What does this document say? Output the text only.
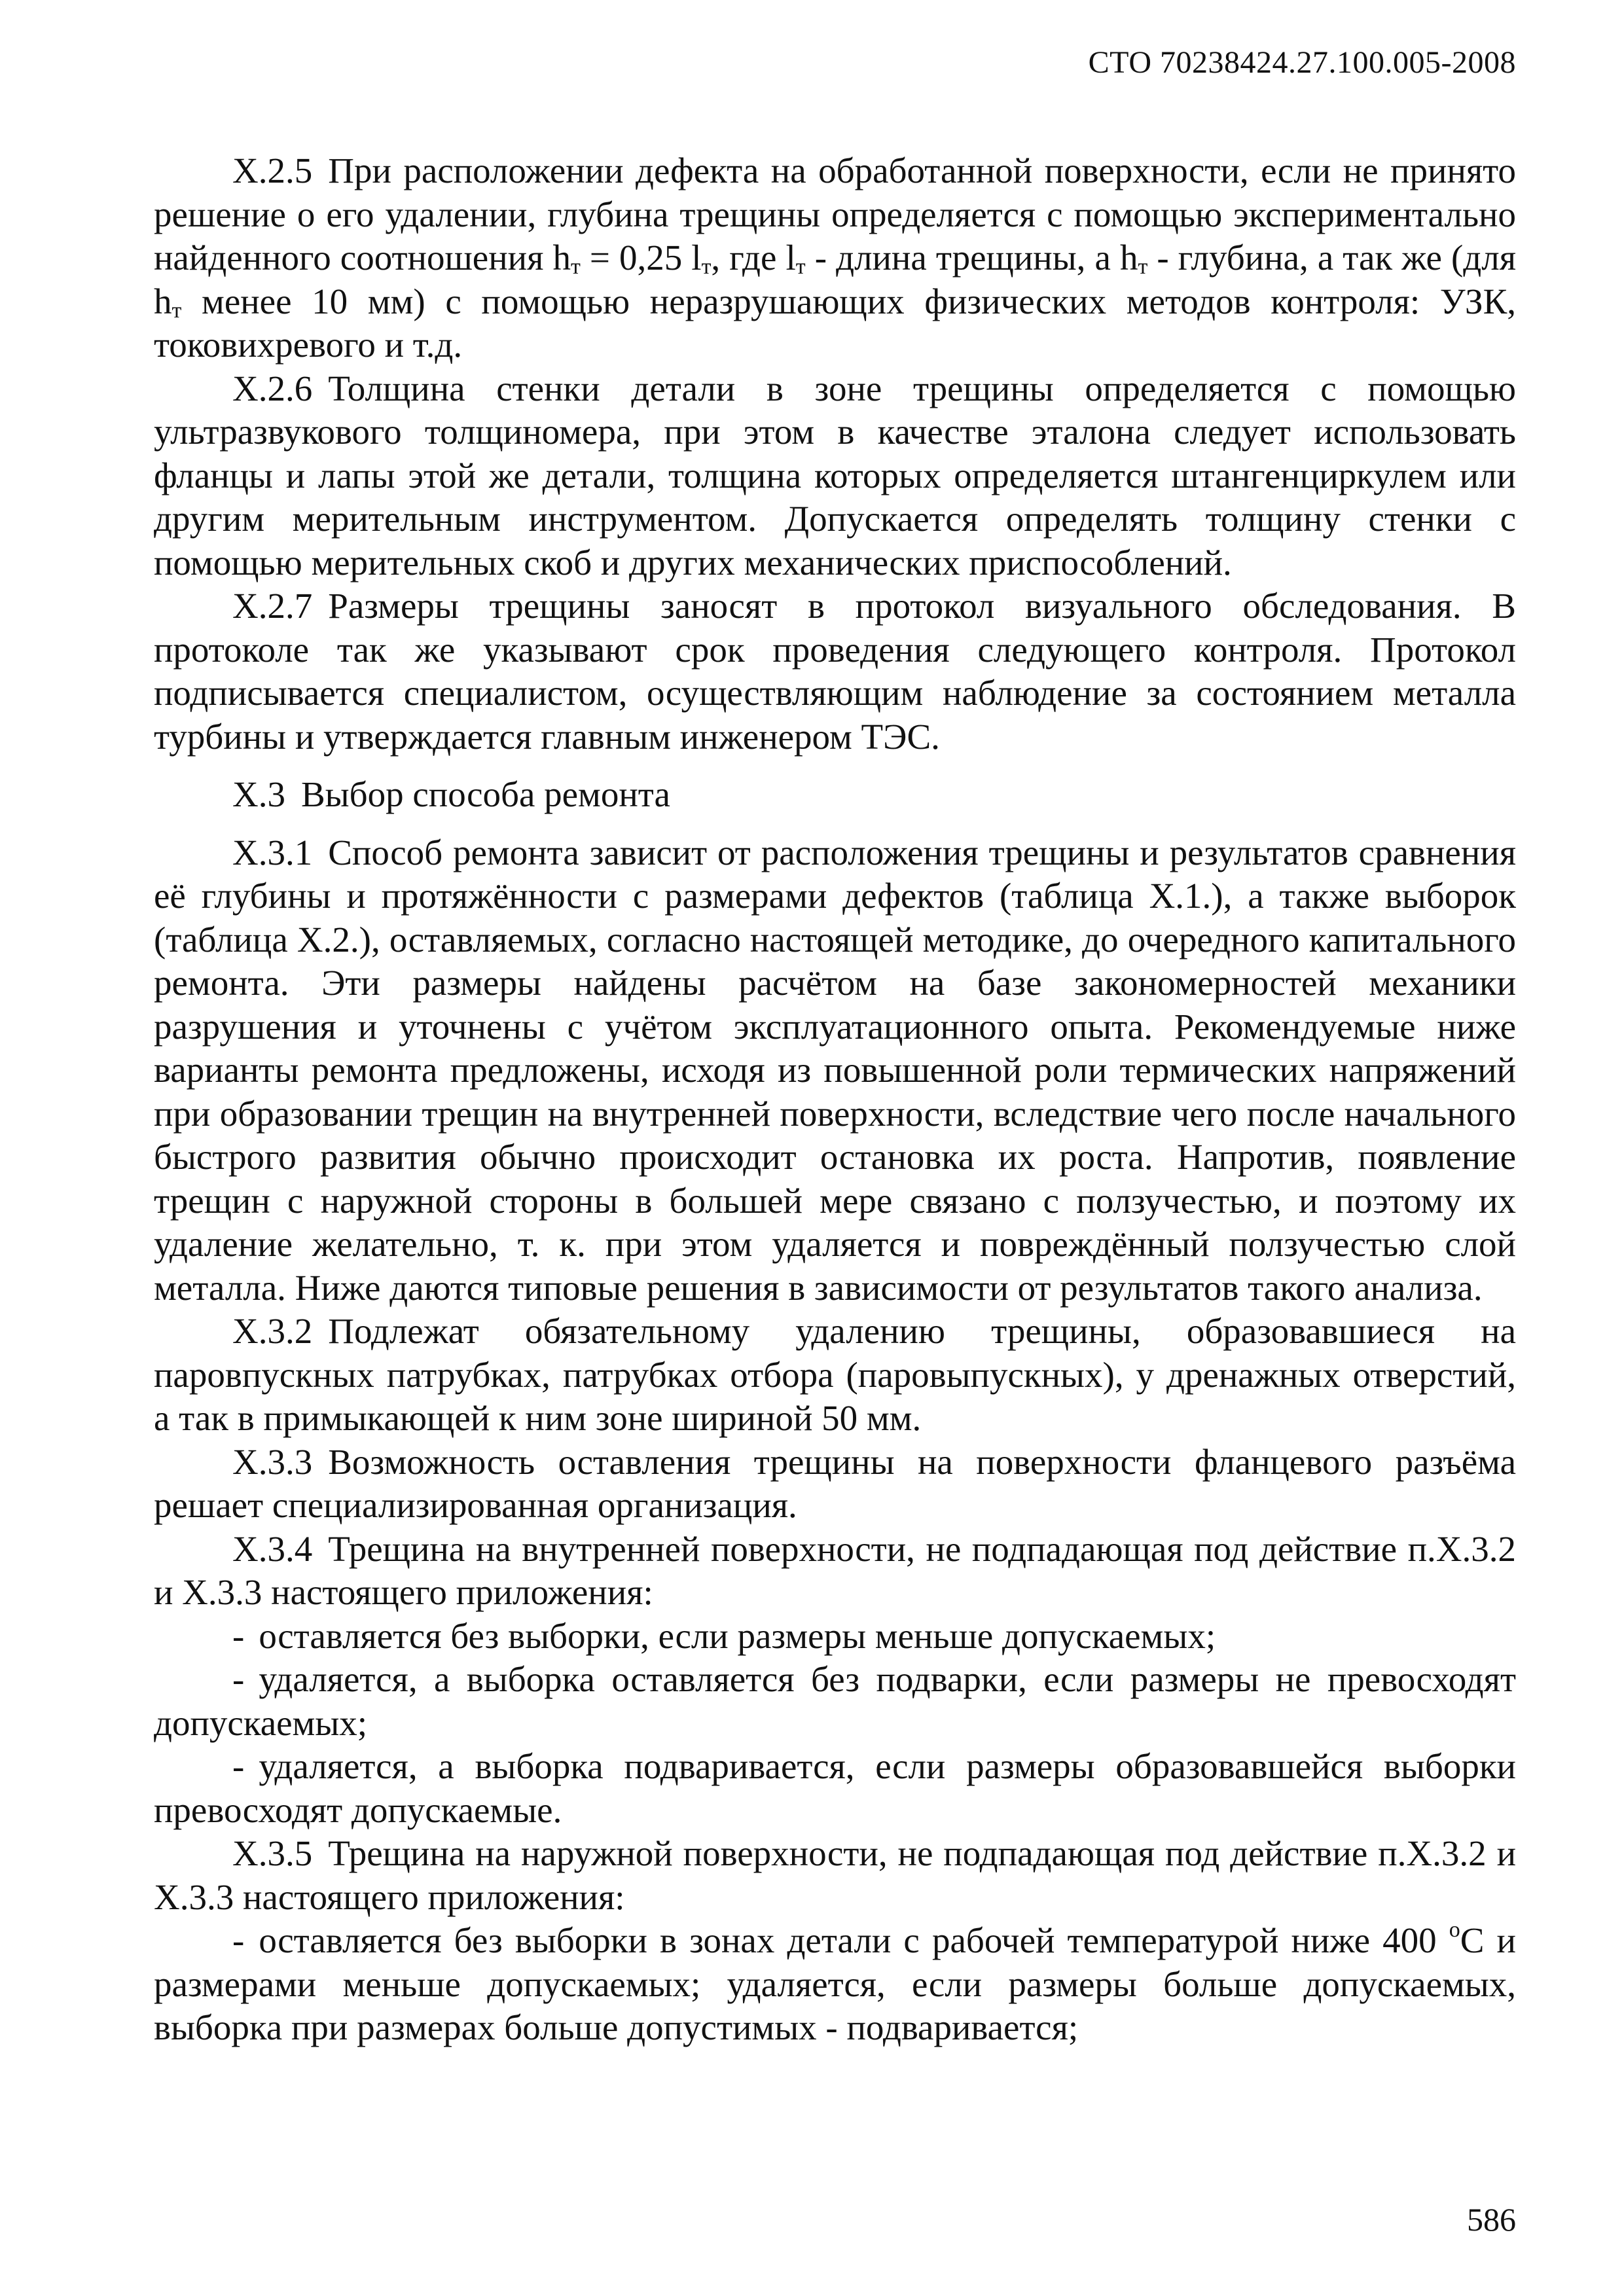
СТО 70238424.27.100.005-2008

Х.2.5 При расположении дефекта на обработанной поверхности, если не принято решение о его удалении, глубина трещины определяется с помощью экспериментально найденного соотношения $h_т = 0,25$ $l_т$, где $l_т$ - длина трещины, а $h_т$ - глубина, а так же (для $h_т$ менее 10 мм) с помощью неразрушающих физических методов контроля: УЗК, токовихревого и т.д.

Х.2.6 Толщина стенки детали в зоне трещины определяется с помощью ультразвукового толщиномера, при этом в качестве эталона следует использовать фланцы и лапы этой же детали, толщина которых определяется штангенциркулем или другим мерительным инструментом. Допускается определять толщину стенки с помощью мерительных скоб и других механических приспособлений.

Х.2.7 Размеры трещины заносят в протокол визуального обследования. В протоколе так же указывают срок проведения следующего контроля. Протокол подписывается специалистом, осуществляющим наблюдение за состоянием металла турбины и утверждается главным инженером ТЭС.

Х.3 Выбор способа ремонта

Х.3.1 Способ ремонта зависит от расположения трещины и результатов сравнения её глубины и протяжённости с размерами дефектов (таблица Х.1.), а также выборок (таблица Х.2.), оставляемых, согласно настоящей методике, до очередного капитального ремонта. Эти размеры найдены расчётом на базе закономерностей механики разрушения и уточнены с учётом эксплуатационного опыта. Рекомендуемые ниже варианты ремонта предложены, исходя из повышенной роли термических напряжений при образовании трещин на внутренней поверхности, вследствие чего после начального быстрого развития обычно происходит остановка их роста. Напротив, появление трещин с наружной стороны в большей мере связано с ползучестью, и поэтому их удаление желательно, т. к. при этом удаляется и повреждённый ползучестью слой металла. Ниже даются типовые решения в зависимости от результатов такого анализа.

Х.3.2 Подлежат обязательному удалению трещины, образовавшиеся на паровпускных патрубках, патрубках отбора (паровыпускных), у дренажных отверстий, а так в примыкающей к ним зоне шириной 50 мм.

Х.3.3 Возможность оставления трещины на поверхности фланцевого разъёма решает специализированная организация.

Х.3.4 Трещина на внутренней поверхности, не подпадающая под действие п.Х.3.2 и Х.3.3 настоящего приложения:

- оставляется без выборки, если размеры меньше допускаемых;

- удаляется, а выборка оставляется без подварки, если размеры не превосходят допускаемых;

- удаляется, а выборка подваривается, если размеры образовавшейся выборки превосходят допускаемые.

Х.3.5 Трещина на наружной поверхности, не подпадающая под действие п.Х.3.2 и Х.3.3 настоящего приложения:

- оставляется без выборки в зонах детали с рабочей температурой ниже 400 $^о$С и размерами меньше допускаемых; удаляется, если размеры больше допускаемых, выборка при размерах больше допустимых - подваривается;

586
